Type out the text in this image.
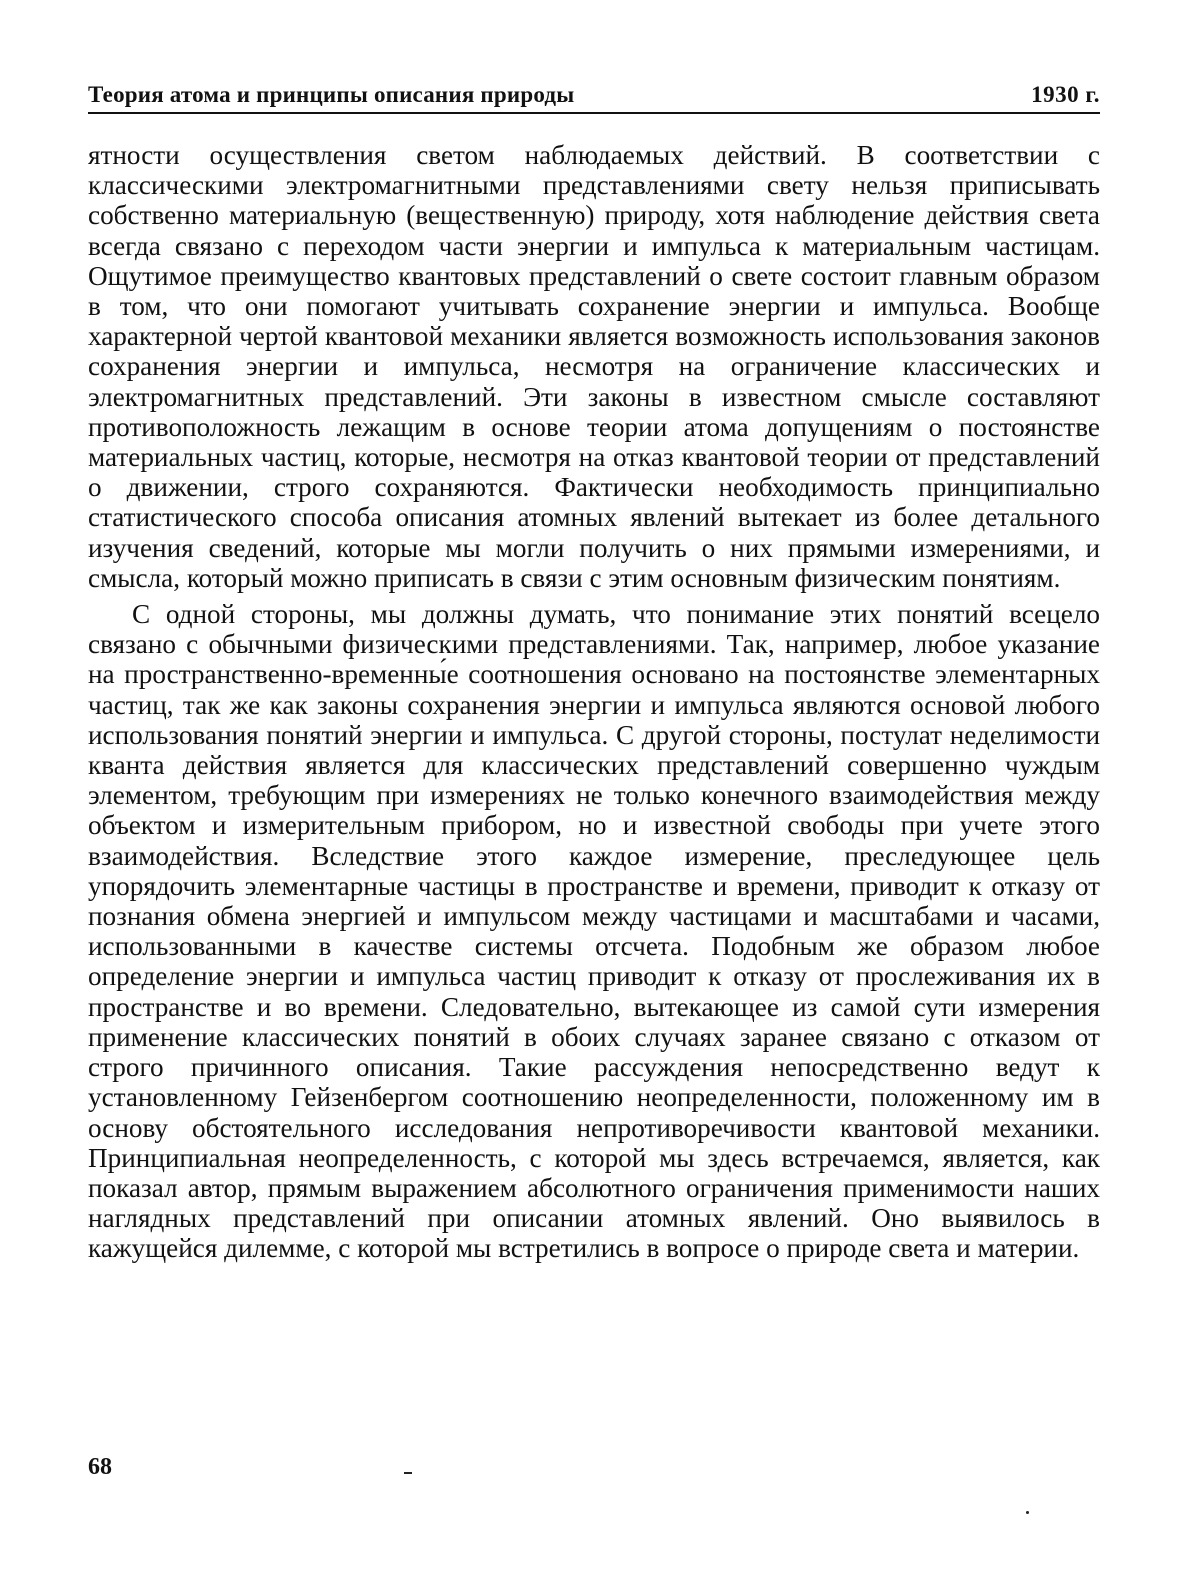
Теория атома и принципы описания природы	1930 г.

ятности осуществления светом наблюдаемых действий. В соответствии с классическими электромагнитными представлениями свету нельзя приписывать собственно материальную (вещественную) природу, хотя наблюдение действия света всегда связано с переходом части энергии и импульса к материальным частицам. Ощутимое преимущество квантовых представлений о свете состоит главным образом в том, что они помогают учитывать сохранение энергии и импульса. Вообще характерной чертой квантовой механики является возможность использования законов сохранения энергии и импульса, несмотря на ограничение классических и электромагнитных представлений. Эти законы в известном смысле составляют противоположность лежащим в основе теории атома допущениям о постоянстве материальных частиц, которые, несмотря на отказ квантовой теории от представлений о движении, строго сохраняются. Фактически необходимость принципиально статистического способа описания атомных явлений вытекает из более детального изучения сведений, которые мы могли получить о них прямыми измерениями, и смысла, который можно приписать в связи с этим основным физическим понятиям.

С одной стороны, мы должны думать, что понимание этих понятий всецело связано с обычными физическими представлениями. Так, например, любое указание на пространственно-временны́е соотношения основано на постоянстве элементарных частиц, так же как законы сохранения энергии и импульса являются основой любого использования понятий энергии и импульса. С другой стороны, постулат неделимости кванта действия является для классических представлений совершенно чуждым элементом, требующим при измерениях не только конечного взаимодействия между объектом и измерительным прибором, но и известной свободы при учете этого взаимодействия. Вследствие этого каждое измерение, преследующее цель упорядочить элементарные частицы в пространстве и времени, приводит к отказу от познания обмена энергией и импульсом между частицами и масштабами и часами, использованными в качестве системы отсчета. Подобным же образом любое определение энергии и импульса частиц приводит к отказу от прослеживания их в пространстве и во времени. Следовательно, вытекающее из самой сути измерения применение классических понятий в обоих случаях заранее связано с отказом от строго причинного описания. Такие рассуждения непосредственно ведут к установленному Гейзенбергом соотношению неопределенности, положенному им в основу обстоятельного исследования непротиворечивости квантовой механики. Принципиальная неопределенность, с которой мы здесь встречаемся, является, как показал автор, прямым выражением абсолютного ограничения применимости наших наглядных представлений при описании атомных явлений. Оно выявилось в кажущейся дилемме, с которой мы встретились в вопросе о природе света и материи.

68
